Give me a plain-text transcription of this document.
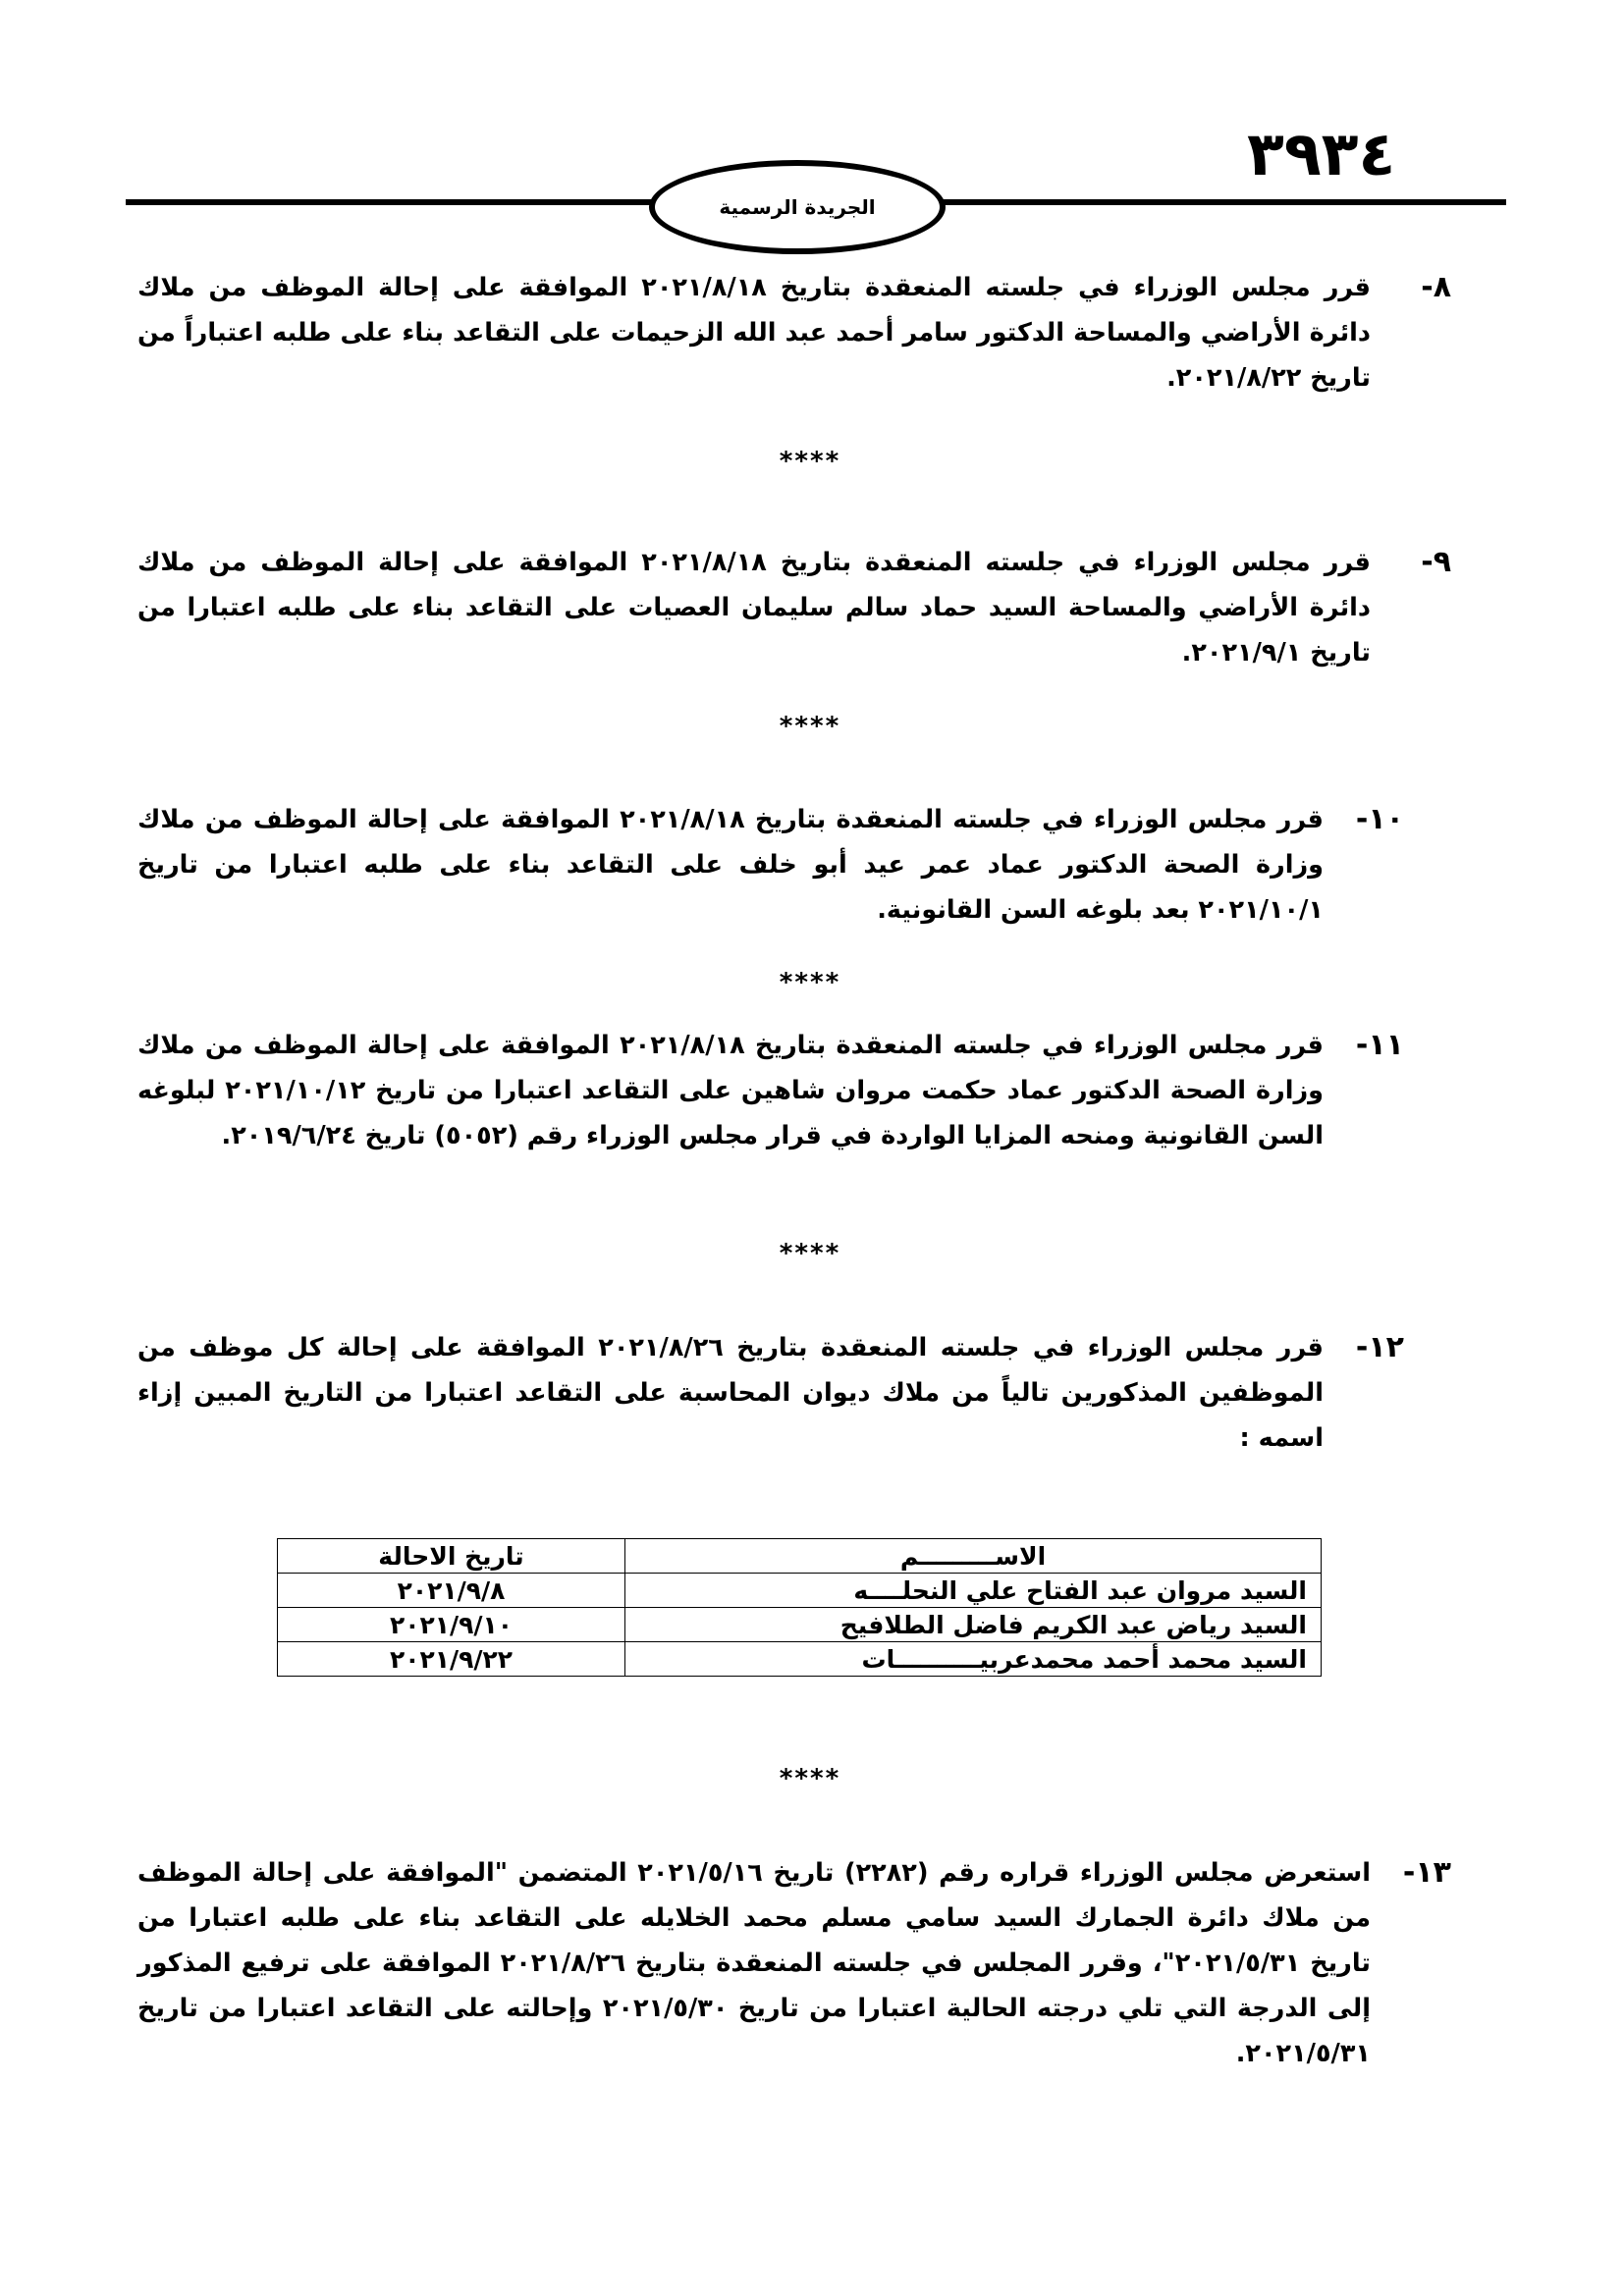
٣٩٣٤
الجريدة الرسمية
٨-
قرر مجلس الوزراء في جلسته المنعقدة بتاريخ ٢٠٢١/٨/١٨ الموافقة على إحالة الموظف من ملاك دائرة الأراضي والمساحة الدكتور سامر أحمد عبد الله الزحيمات على التقاعد بناء على طلبه اعتباراً من تاريخ ٢٠٢١/٨/٢٢.
****
٩-
قرر مجلس الوزراء في جلسته المنعقدة بتاريخ ٢٠٢١/٨/١٨ الموافقة على إحالة الموظف من ملاك دائرة الأراضي والمساحة السيد حماد سالم سليمان العصيات على التقاعد بناء على طلبه اعتبارا من تاريخ ٢٠٢١/٩/١.
****
١٠-
قرر مجلس الوزراء في جلسته المنعقدة بتاريخ ٢٠٢١/٨/١٨ الموافقة على إحالة الموظف من ملاك وزارة الصحة الدكتور عماد عمر عيد أبو خلف على التقاعد بناء على طلبه اعتبارا من تاريخ ٢٠٢١/١٠/١ بعد بلوغه السن القانونية.
****
١١-
قرر مجلس الوزراء في جلسته المنعقدة بتاريخ ٢٠٢١/٨/١٨ الموافقة على إحالة الموظف من ملاك وزارة الصحة الدكتور عماد حكمت مروان شاهين على التقاعد اعتبارا من تاريخ ٢٠٢١/١٠/١٢ لبلوغه السن القانونية ومنحه المزايا الواردة في قرار مجلس الوزراء رقم (٥٠٥٢) تاريخ ٢٠١٩/٦/٢٤.
****
١٢-
قرر مجلس الوزراء في جلسته المنعقدة بتاريخ ٢٠٢١/٨/٢٦ الموافقة على إحالة كل موظف من الموظفين المذكورين تالياً من ملاك ديوان المحاسبة على التقاعد اعتبارا من التاريخ المبين إزاء اسمه :
الاســـــــــم	تاريخ الاحالة
السيد مروان عبد الفتاح علي النحلــــه	٢٠٢١/٩/٨
السيد رياض عبد الكريم فاضل الطلافيح	٢٠٢١/٩/١٠
السيد محمد أحمد محمدعربيــــــــــات	٢٠٢١/٩/٢٢
****
١٣-
استعرض مجلس الوزراء قراره رقم (٢٢٨٢) تاريخ ٢٠٢١/٥/١٦ المتضمن "الموافقة على إحالة الموظف من ملاك دائرة الجمارك السيد سامي مسلم محمد الخلايله على التقاعد بناء على طلبه اعتبارا من تاريخ ٢٠٢١/٥/٣١"، وقرر المجلس في جلسته المنعقدة بتاريخ ٢٠٢١/٨/٢٦ الموافقة على ترفيع المذكور إلى الدرجة التي تلي درجته الحالية اعتبارا من تاريخ ٢٠٢١/٥/٣٠ وإحالته على التقاعد اعتبارا من تاريخ ٢٠٢١/٥/٣١.
